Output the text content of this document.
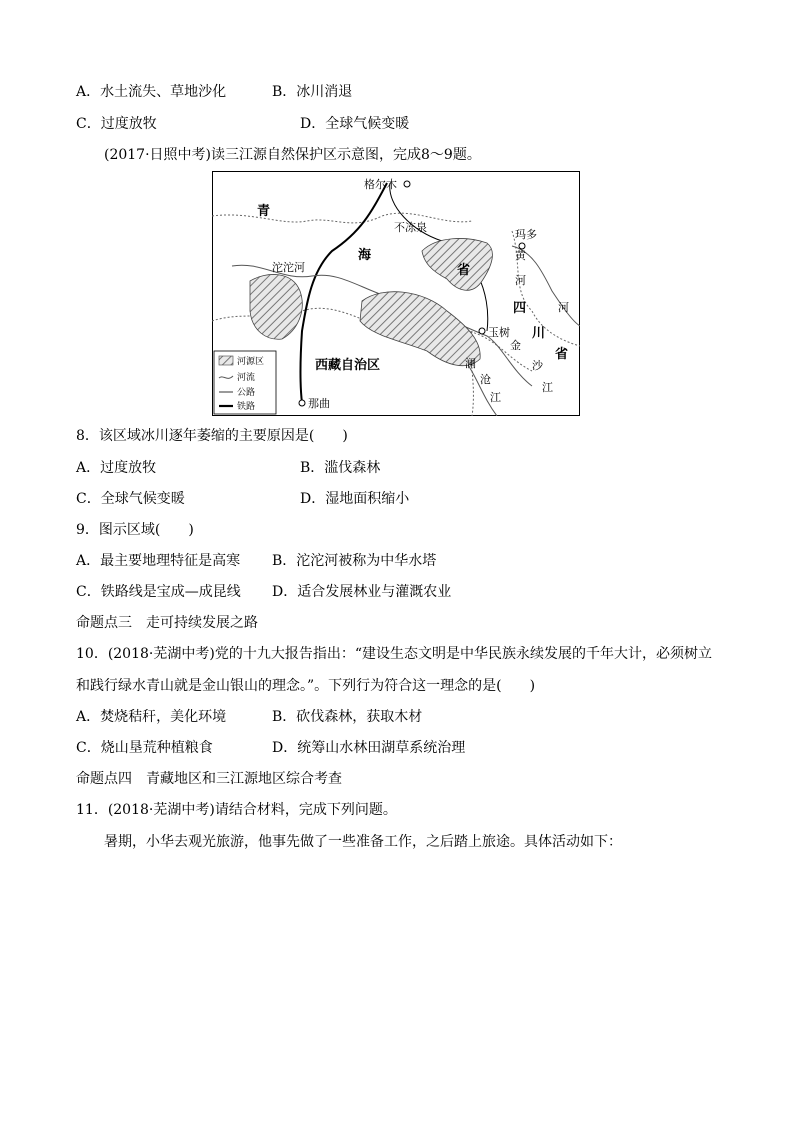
A．水土流失、草地沙化	B．冰川消退
C．过度放牧	D．全球气候变暖
(2017·日照中考)读三江源自然保护区示意图，完成8～9题。
格尔木
青
海
省
不冻泉
玛多
沱沱河
黄
河
四
川
省
玉树
金
沙
江
澜
沧
江
西藏自治区
那曲
河
河源区
河流
公路
铁路
8．该区域冰川逐年萎缩的主要原因是(　　)
A．过度放牧	B．滥伐森林
C．全球气候变暖	D．湿地面积缩小
9．图示区域(　　)
A．最主要地理特征是高寒 B．沱沱河被称为中华水塔
C．铁路线是宝成—成昆线 D．适合发展林业与灌溉农业
命题点三　走可持续发展之路
10．(2018·芜湖中考)党的十九大报告指出：“建设生态文明是中华民族永续发展的千年大计，必须树立
和践行绿水青山就是金山银山的理念。”。下列行为符合这一理念的是(　　)
A．焚烧秸秆，美化环境	B．砍伐森林，获取木材
C．烧山垦荒种植粮食	D．统筹山水林田湖草系统治理
命题点四　青藏地区和三江源地区综合考查
11．(2018·芜湖中考)请结合材料，完成下列问题。
暑期，小华去观光旅游，他事先做了一些准备工作，之后踏上旅途。具体活动如下：
